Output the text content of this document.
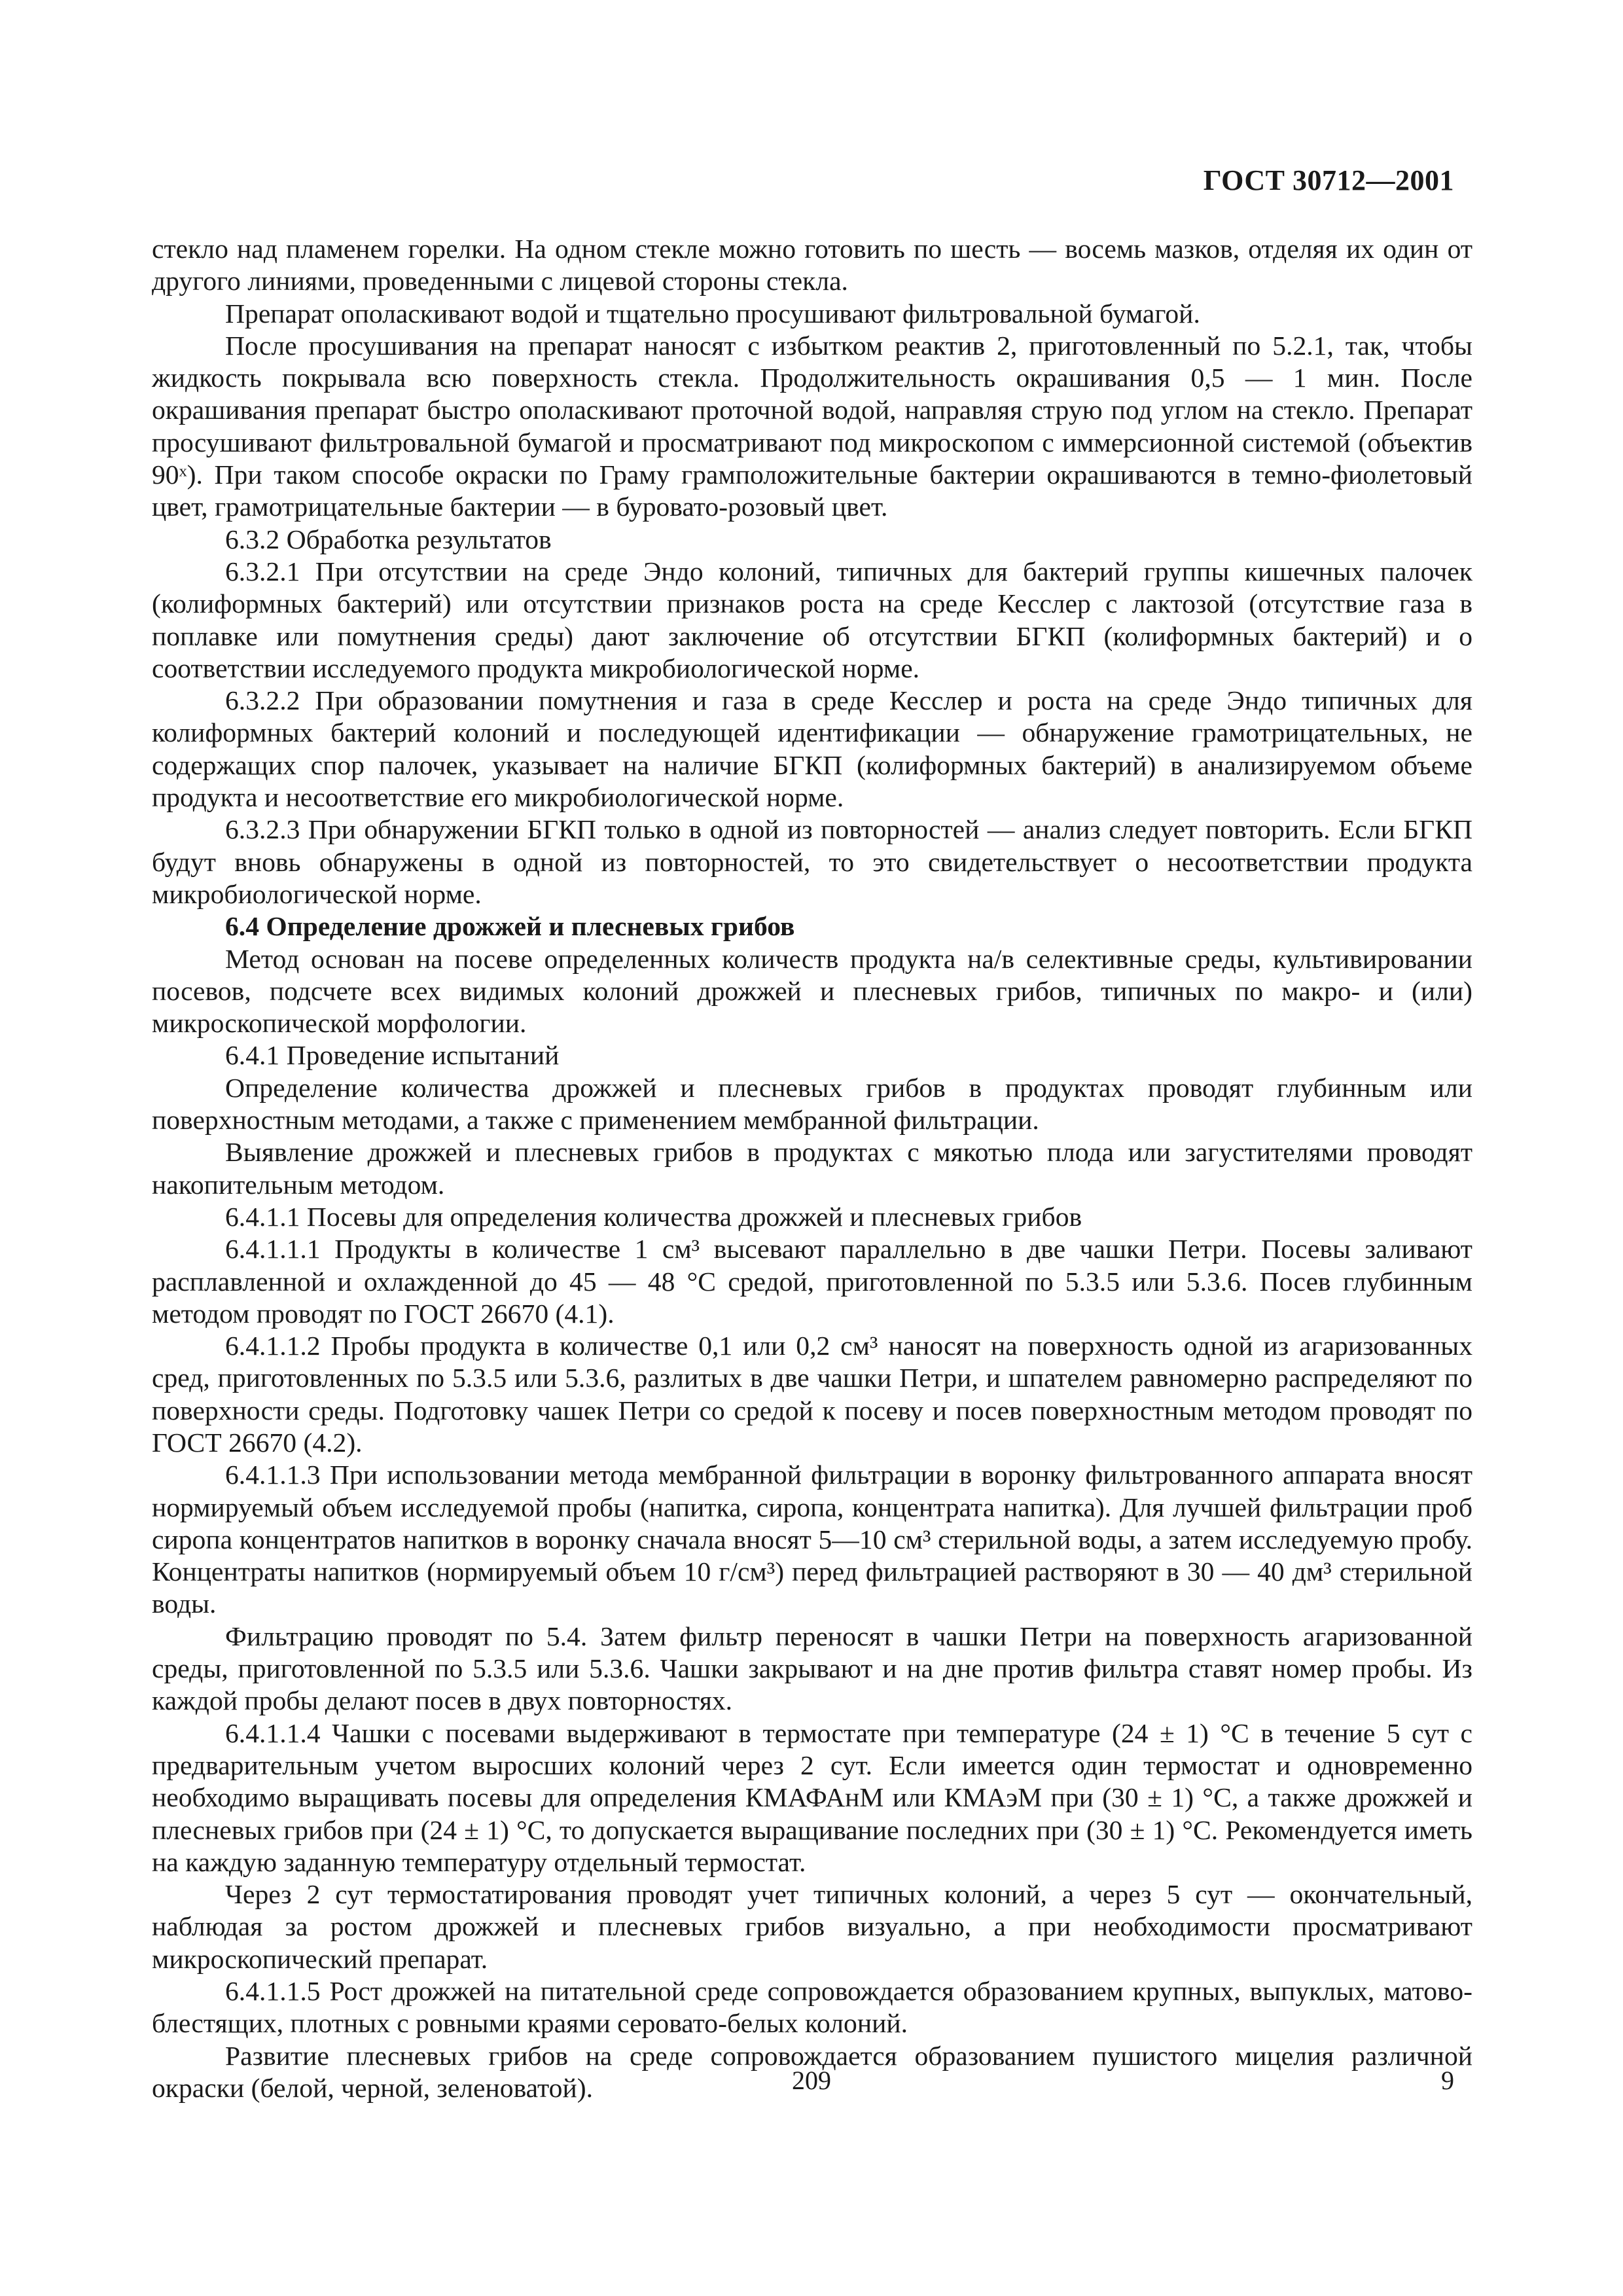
ГОСТ 30712—2001

стекло над пламенем горелки. На одном стекле можно готовить по шесть — восемь мазков, отделяя их один от другого линиями, проведенными с лицевой стороны стекла.

Препарат ополаскивают водой и тщательно просушивают фильтровальной бумагой.

После просушивания на препарат наносят с избытком реактив 2, приготовленный по 5.2.1, так, чтобы жидкость покрывала всю поверхность стекла. Продолжительность окрашивания 0,5 — 1 мин. После окрашивания препарат быстро ополаскивают проточной водой, направляя струю под углом на стекло. Препарат просушивают фильтровальной бумагой и просматривают под микроскопом с иммерсионной системой (объектив 90ˣ). При таком способе окраски по Граму грамположительные бактерии окрашиваются в темно-фиолетовый цвет, грамотрицательные бактерии — в буровато-розовый цвет.

6.3.2 Обработка результатов

6.3.2.1 При отсутствии на среде Эндо колоний, типичных для бактерий группы кишечных палочек (колиформных бактерий) или отсутствии признаков роста на среде Кесслер с лактозой (отсутствие газа в поплавке или помутнения среды) дают заключение об отсутствии БГКП (колиформных бактерий) и о соответствии исследуемого продукта микробиологической норме.

6.3.2.2 При образовании помутнения и газа в среде Кесслер и роста на среде Эндо типичных для колиформных бактерий колоний и последующей идентификации — обнаружение грамотрицательных, не содержащих спор палочек, указывает на наличие БГКП (колиформных бактерий) в анализируемом объеме продукта и несоответствие его микробиологической норме.

6.3.2.3 При обнаружении БГКП только в одной из повторностей — анализ следует повторить. Если БГКП будут вновь обнаружены в одной из повторностей, то это свидетельствует о несоответствии продукта микробиологической норме.

6.4 Определение дрожжей и плесневых грибов

Метод основан на посеве определенных количеств продукта на/в селективные среды, культивировании посевов, подсчете всех видимых колоний дрожжей и плесневых грибов, типичных по макро- и (или) микроскопической морфологии.

6.4.1 Проведение испытаний

Определение количества дрожжей и плесневых грибов в продуктах проводят глубинным или поверхностным методами, а также с применением мембранной фильтрации.

Выявление дрожжей и плесневых грибов в продуктах с мякотью плода или загустителями проводят накопительным методом.

6.4.1.1 Посевы для определения количества дрожжей и плесневых грибов

6.4.1.1.1 Продукты в количестве 1 см³ высевают параллельно в две чашки Петри. Посевы заливают расплавленной и охлажденной до 45 — 48 °С средой, приготовленной по 5.3.5 или 5.3.6. Посев глубинным методом проводят по ГОСТ 26670 (4.1).

6.4.1.1.2 Пробы продукта в количестве 0,1 или 0,2 см³ наносят на поверхность одной из агаризованных сред, приготовленных по 5.3.5 или 5.3.6, разлитых в две чашки Петри, и шпателем равномерно распределяют по поверхности среды. Подготовку чашек Петри со средой к посеву и посев поверхностным методом проводят по ГОСТ 26670 (4.2).

6.4.1.1.3 При использовании метода мембранной фильтрации в воронку фильтрованного аппарата вносят нормируемый объем исследуемой пробы (напитка, сиропа, концентрата напитка). Для лучшей фильтрации проб сиропа концентратов напитков в воронку сначала вносят 5—10 см³ стерильной воды, а затем исследуемую пробу. Концентраты напитков (нормируемый объем 10 г/см³) перед фильтрацией растворяют в 30 — 40 дм³ стерильной воды.

Фильтрацию проводят по 5.4. Затем фильтр переносят в чашки Петри на поверхность агаризованной среды, приготовленной по 5.3.5 или 5.3.6. Чашки закрывают и на дне против фильтра ставят номер пробы. Из каждой пробы делают посев в двух повторностях.

6.4.1.1.4 Чашки с посевами выдерживают в термостате при температуре (24 ± 1) °С в течение 5 сут с предварительным учетом выросших колоний через 2 сут. Если имеется один термостат и одновременно необходимо выращивать посевы для определения КМАФАнМ или КМАэМ при (30 ± 1) °С, а также дрожжей и плесневых грибов при (24 ± 1) °С, то допускается выращивание последних при (30 ± 1) °С. Рекомендуется иметь на каждую заданную температуру отдельный термостат.

Через 2 сут термостатирования проводят учет типичных колоний, а через 5 сут — окончательный, наблюдая за ростом дрожжей и плесневых грибов визуально, а при необходимости просматривают микроскопический препарат.

6.4.1.1.5 Рост дрожжей на питательной среде сопровождается образованием крупных, выпуклых, матово-блестящих, плотных с ровными краями серовато-белых колоний.

Развитие плесневых грибов на среде сопровождается образованием пушистого мицелия различной окраски (белой, черной, зеленоватой).	209	9
